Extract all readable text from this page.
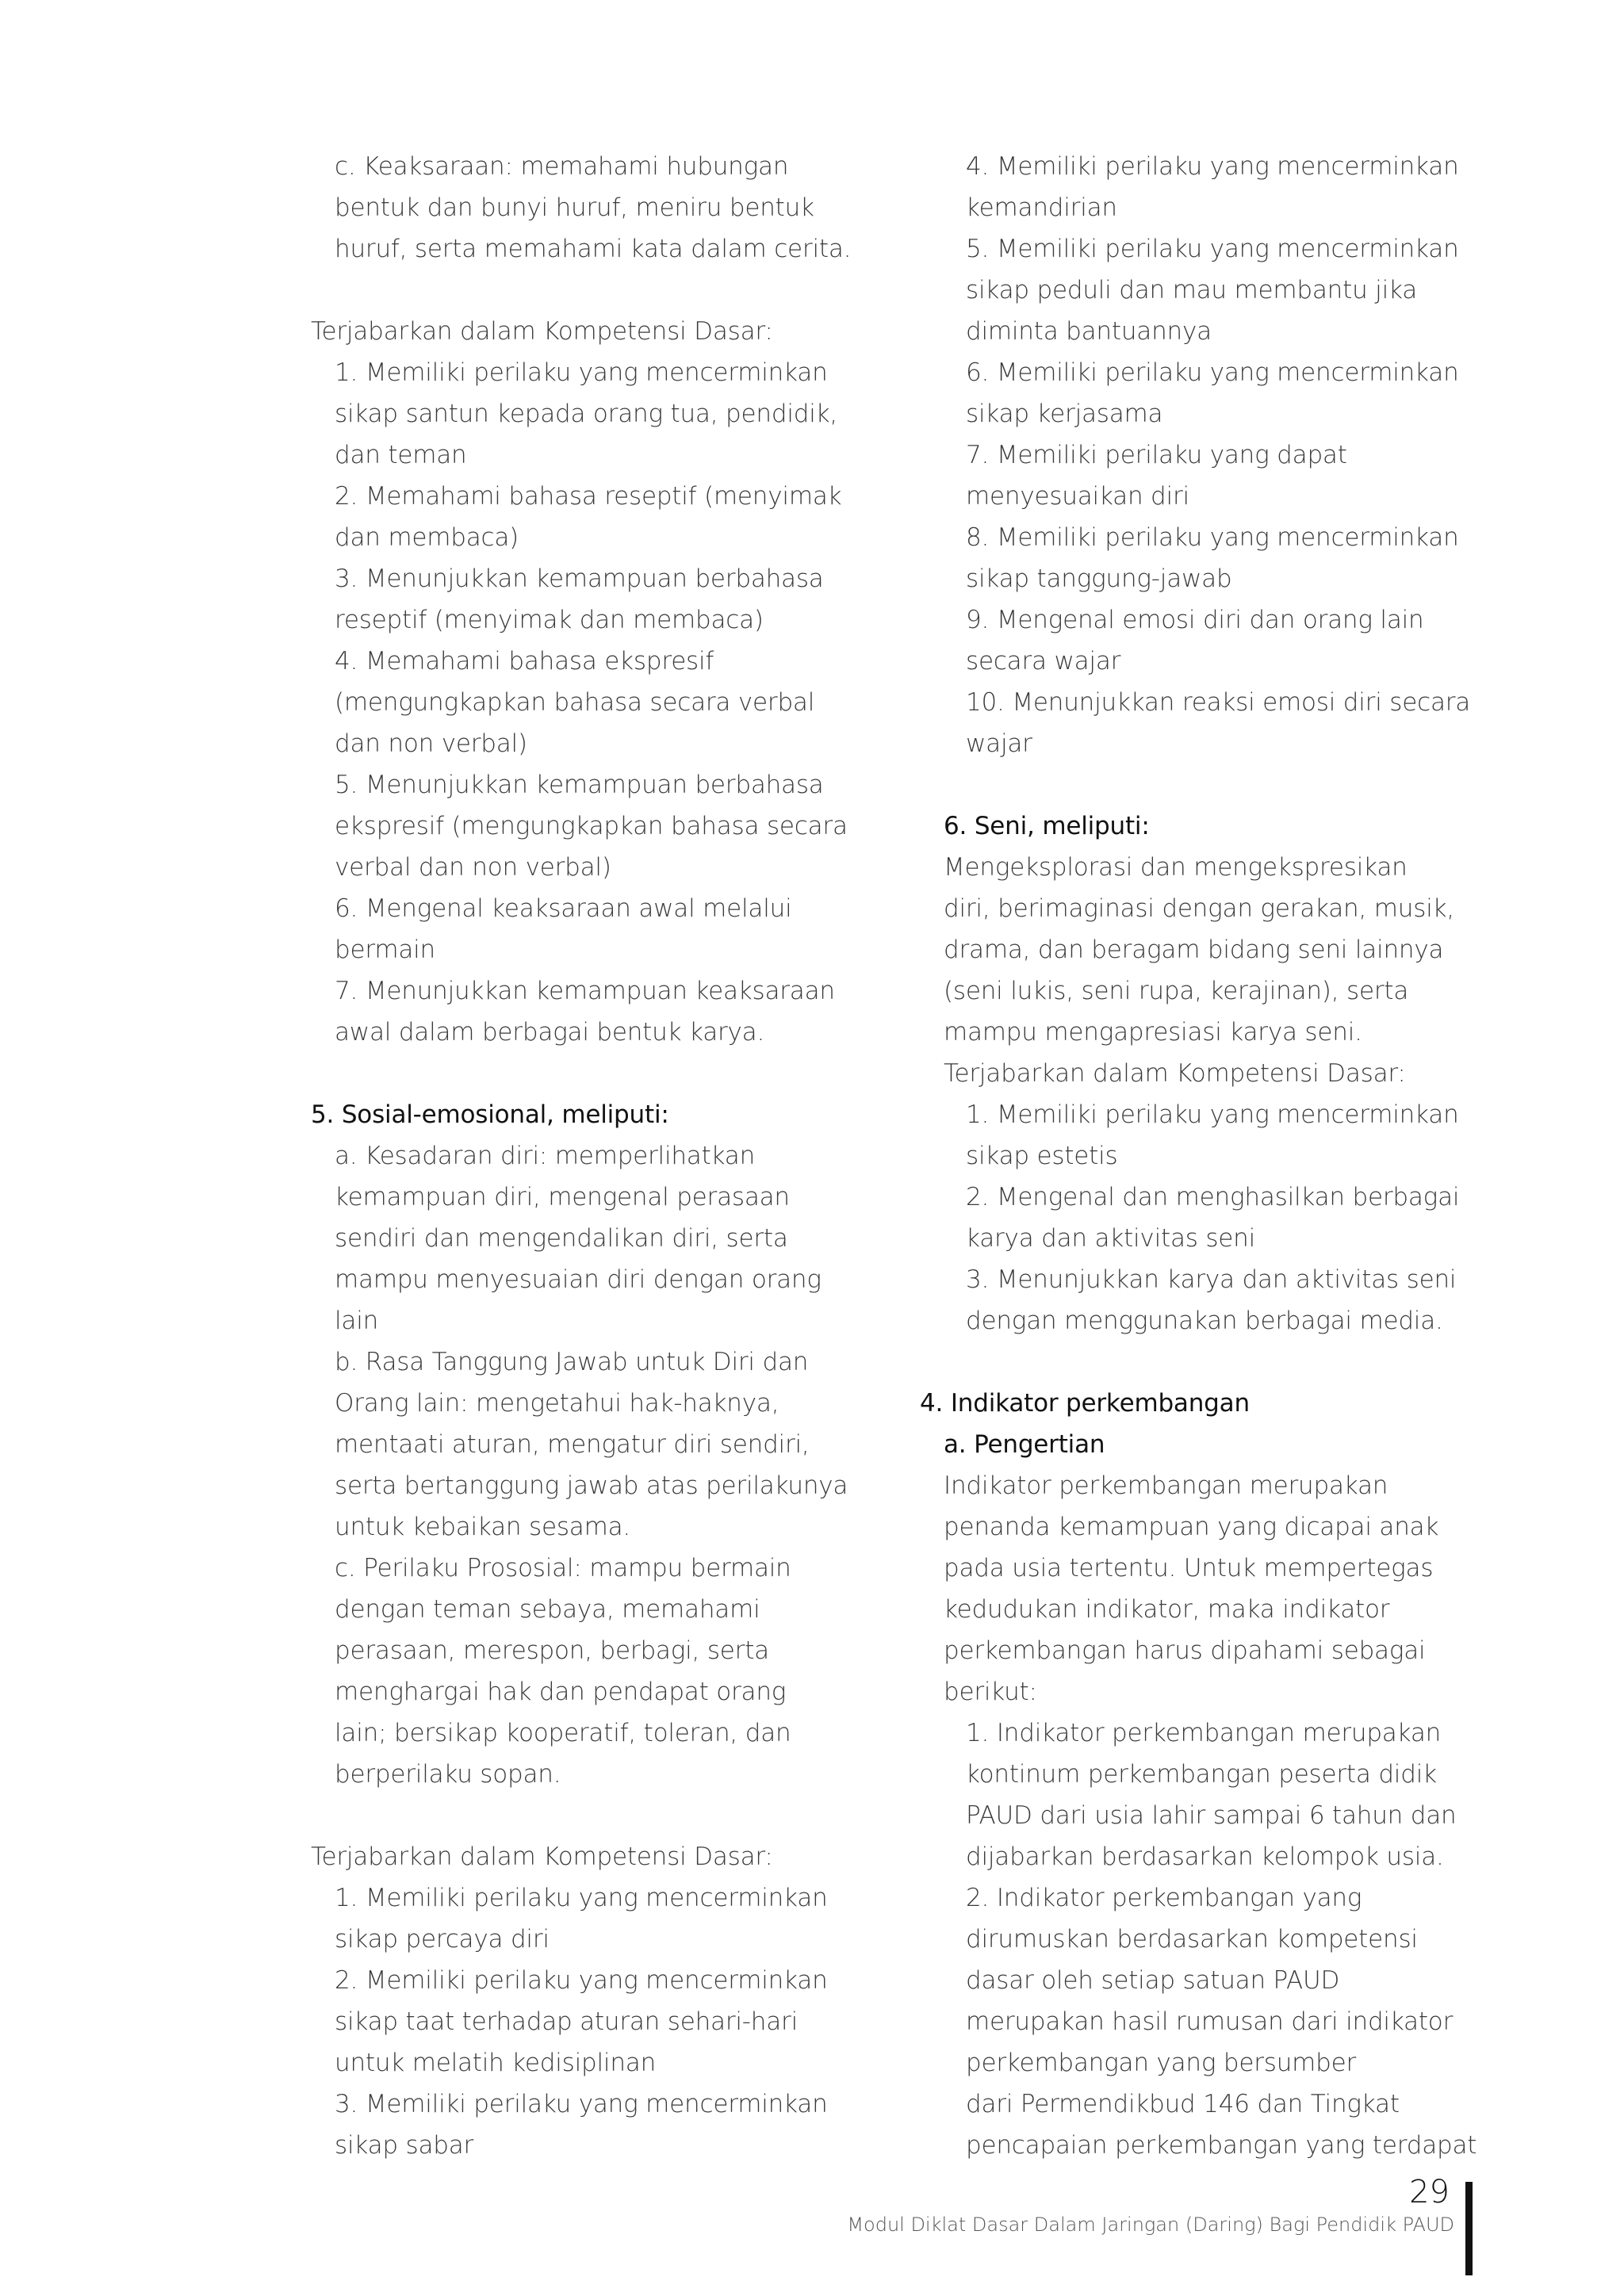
c. Keaksaraan: memahami hubungan
bentuk dan bunyi huruf, meniru bentuk
huruf, serta memahami kata dalam cerita.
Terjabarkan dalam Kompetensi Dasar:
1. Memiliki perilaku yang mencerminkan
sikap santun kepada orang tua, pendidik,
dan teman
2. Memahami bahasa reseptif (menyimak
dan membaca)
3. Menunjukkan kemampuan berbahasa
reseptif (menyimak dan membaca)
4. Memahami bahasa ekspresif
(mengungkapkan bahasa secara verbal
dan non verbal)
5. Menunjukkan kemampuan berbahasa
ekspresif (mengungkapkan bahasa secara
verbal dan non verbal)
6. Mengenal keaksaraan awal melalui
bermain
7. Menunjukkan kemampuan keaksaraan
awal dalam berbagai bentuk karya.
5. Sosial-emosional, meliputi:
a. Kesadaran diri: memperlihatkan
kemampuan diri, mengenal perasaan
sendiri dan mengendalikan diri, serta
mampu menyesuaian diri dengan orang
lain
b. Rasa Tanggung Jawab untuk Diri dan
Orang lain: mengetahui hak-haknya,
mentaati aturan, mengatur diri sendiri,
serta bertanggung jawab atas perilakunya
untuk kebaikan sesama.
c. Perilaku Prososial: mampu bermain
dengan teman sebaya, memahami
perasaan, merespon, berbagi, serta
menghargai hak dan pendapat orang
lain; bersikap kooperatif, toleran, dan
berperilaku sopan.
Terjabarkan dalam Kompetensi Dasar:
1. Memiliki perilaku yang mencerminkan
sikap percaya diri
2. Memiliki perilaku yang mencerminkan
sikap taat terhadap aturan sehari-hari
untuk melatih kedisiplinan
3. Memiliki perilaku yang mencerminkan
sikap sabar
4. Memiliki perilaku yang mencerminkan
kemandirian
5. Memiliki perilaku yang mencerminkan
sikap peduli dan mau membantu jika
diminta bantuannya
6. Memiliki perilaku yang mencerminkan
sikap kerjasama
7. Memiliki perilaku yang dapat
menyesuaikan diri
8. Memiliki perilaku yang mencerminkan
sikap tanggung-jawab
9. Mengenal emosi diri dan orang lain
secara wajar
10. Menunjukkan reaksi emosi diri secara
wajar
6. Seni, meliputi:
Mengeksplorasi dan mengekspresikan
diri, berimaginasi dengan gerakan, musik,
drama, dan beragam bidang seni lainnya
(seni lukis, seni rupa, kerajinan), serta
mampu mengapresiasi karya seni.
Terjabarkan dalam Kompetensi Dasar:
1. Memiliki perilaku yang mencerminkan
sikap estetis
2. Mengenal dan menghasilkan berbagai
karya dan aktivitas seni
3. Menunjukkan karya dan aktivitas seni
dengan menggunakan berbagai media.
4. Indikator perkembangan
a. Pengertian
Indikator perkembangan merupakan
penanda kemampuan yang dicapai anak
pada usia tertentu. Untuk mempertegas
kedudukan indikator, maka indikator
perkembangan harus dipahami sebagai
berikut:
1. Indikator perkembangan merupakan
kontinum perkembangan peserta didik
PAUD dari usia lahir sampai 6 tahun dan
dijabarkan berdasarkan kelompok usia.
2. Indikator perkembangan yang
dirumuskan berdasarkan kompetensi
dasar oleh setiap satuan PAUD
merupakan hasil rumusan dari indikator
perkembangan yang bersumber
dari Permendikbud 146 dan Tingkat
pencapaian perkembangan yang terdapat
29
Modul Diklat Dasar Dalam Jaringan (Daring) Bagi Pendidik PAUD
